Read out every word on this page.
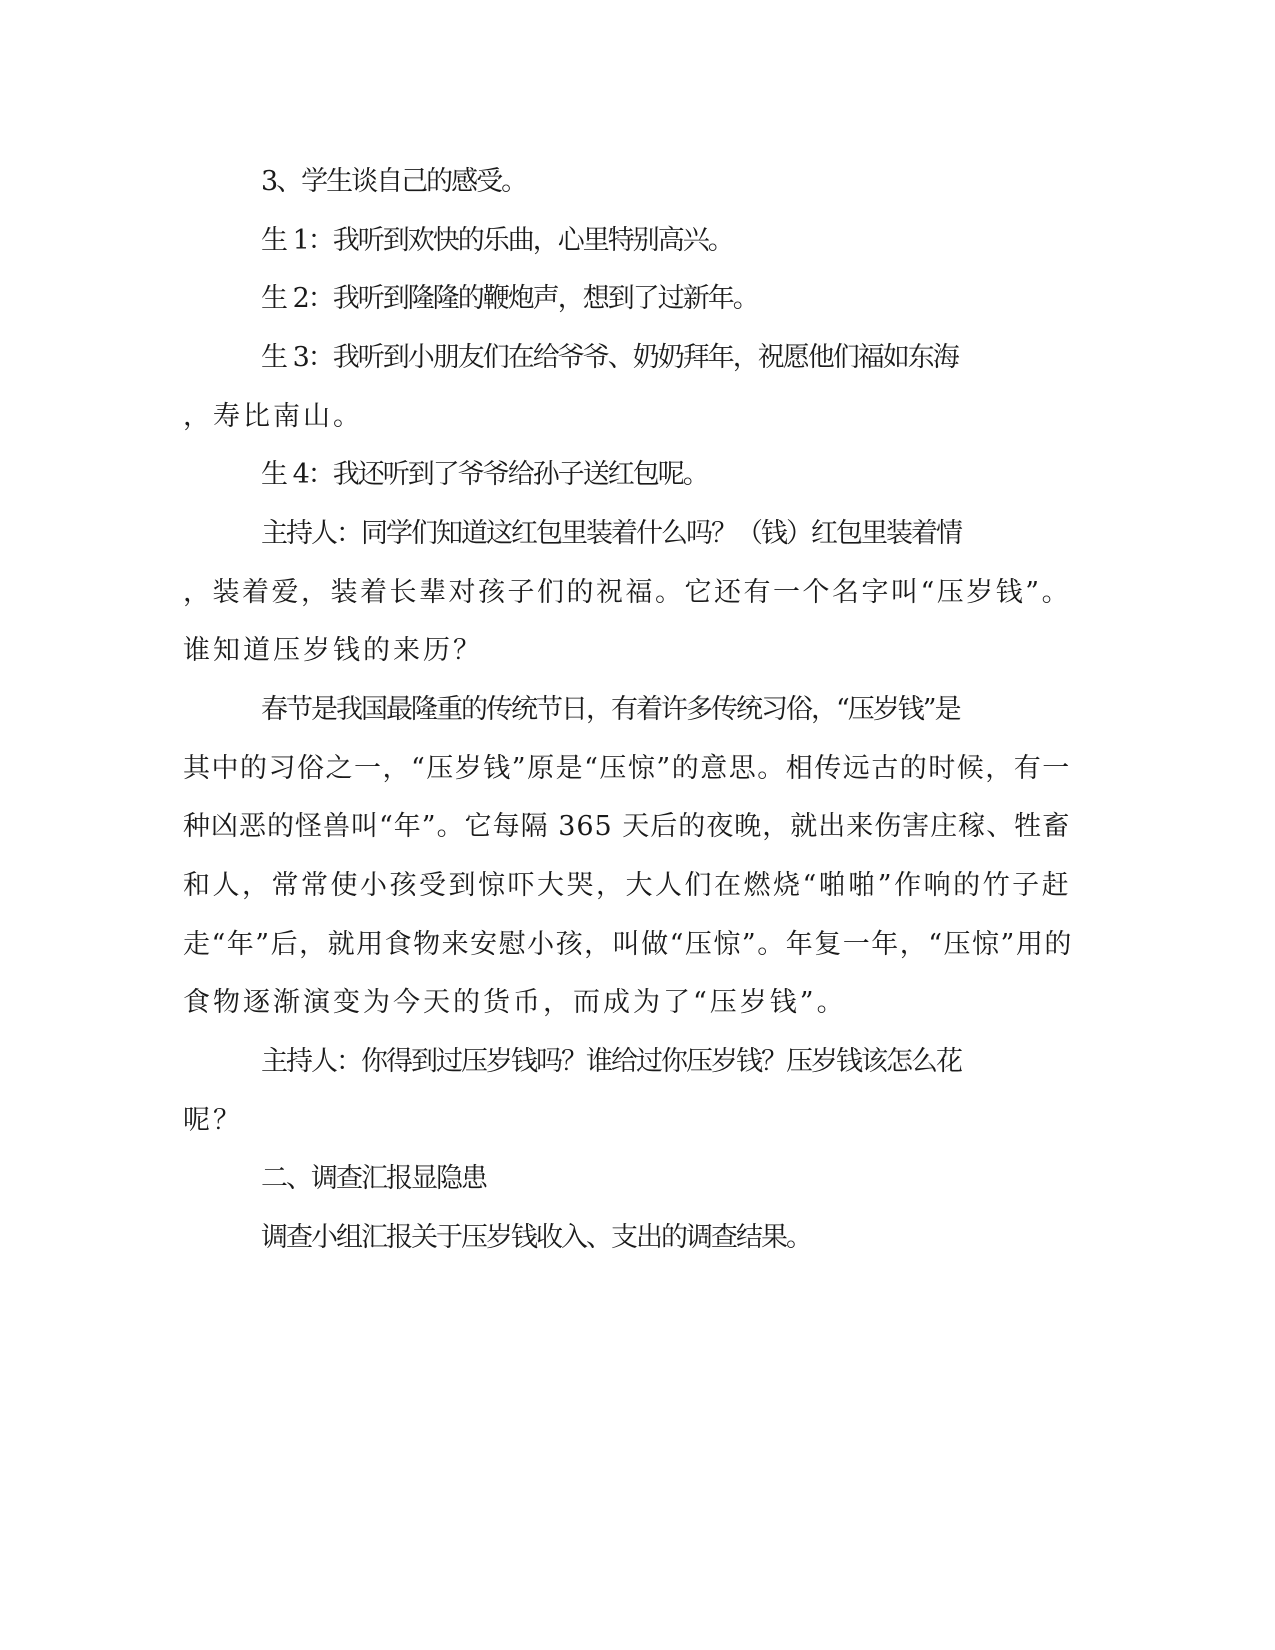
3、学生谈自己的感受。
生 1：我听到欢快的乐曲，心里特别高兴。
生 2：我听到隆隆的鞭炮声，想到了过新年。
生 3：我听到小朋友们在给爷爷、奶奶拜年，祝愿他们福如东海
，寿比南山。
生 4：我还听到了爷爷给孙子送红包呢。
主持人：同学们知道这红包里装着什么吗？（钱）红包里装着情
，装着爱，装着长辈对孩子们的祝福。它还有一个名字叫“压岁钱”。
谁知道压岁钱的来历？
春节是我国最隆重的传统节日，有着许多传统习俗，“压岁钱”是
其中的习俗之一，“压岁钱”原是“压惊”的意思。相传远古的时候，有一
种凶恶的怪兽叫“年”。它每隔 365 天后的夜晚，就出来伤害庄稼、牲畜
和人，常常使小孩受到惊吓大哭，大人们在燃烧“啪啪”作响的竹子赶
走“年”后，就用食物来安慰小孩，叫做“压惊”。年复一年，“压惊”用的
食物逐渐演变为今天的货币，而成为了“压岁钱”。
主持人：你得到过压岁钱吗？谁给过你压岁钱？压岁钱该怎么花
呢？
二、调查汇报显隐患
调查小组汇报关于压岁钱收入、支出的调查结果。
